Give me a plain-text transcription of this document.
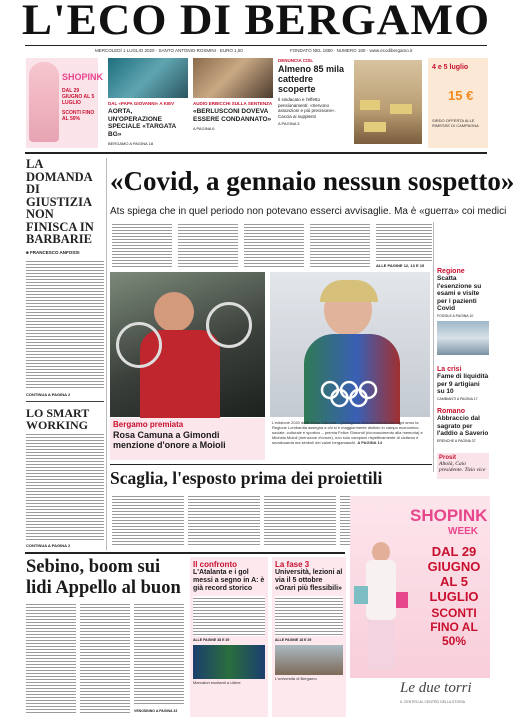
L'ECO DI BERGAMO
MERCOLEDÌ 1 LUGLIO 2020 · SANTO ANTONIO ROSMINI · EURO 1,50	FONDATO NEL 1880 · NUMERO 180 · www.ecodibergamo.it
SHOPINK
DAL 29 GIUGNO AL 5 LUGLIO
SCONTI FINO AL 50%
DAL «PAPA GIOVANNI» A KIEV
AORTA, UN'OPERAZIONE SPECIALE «TARGATA BG»
BERGAMO A PAGINA 18
AUDIO ERBICCHI SULLA SENTENZA
«BERLUSCONI DOVEVA ESSERE CONDANNATO»
A PAGINA 6
DENUNCIA CISL
Almeno 85 mila cattedre scoperte
Il sindacato e l'effetto pensionamenti: «Servono assunzioni e più precisione». Caccia ai supplenti
A PAGINA 3
4 e 5 luglio
15 €
SIRDO OFFERTA ALLE RIMESSE DI CAMPAGNA
LA DOMANDA DI GIUSTIZIA NON FINISCA IN BARBARIE
■ FRANCESCO ANFOSSI
CONTINUA A PAGINA 2
LO SMART WORKING
CONTINUA A PAGINA 2
«Covid, a gennaio nessun sospetto»
Ats spiega che in quel periodo non potevano esserci avvisaglie. Ma è «guerra» coi medici
ALLE PAGINE 12, 13 E 15
Bergamo premiata
Rosa Camuna a Gimondi menzione d'onore a Moioli
L'edizione 2020 della Rosa Camuna – prestigioso riconoscimento che ogni anno la Regione Lombardia assegna a chi si è maggiormente distinto in campo economico, sociale, culturale e sportivo – premia Felice Gimondi (riconoscimento alla memoria) e Michela Moioli (menzione d'onore), non solo campioni rispettivamente di ciclismo e snowboarda ma simboli dei valori bergamaschi. A PAGINA 14
Regione
Scatta l'esenzione su esami e visite per i pazienti Covid
FOSSILE A PAGINA 10
La crisi
Fame di liquidità per 9 artigiani su 10
CAMBIANTI A PAGINA 17
Romano
Abbraccio dal sagrato per l'addio a Saverio
ERENCHE A PAGINA 37
Prosit
Altolà, Caio presidente. Tizio vice
Scaglia, l'esposto prima dei proiettili
SHOPINK
WEEK
DAL 29 GIUGNO AL 5 LUGLIO
SCONTI FINO AL 50%
Le due torri
IL CENTRO AL CENTRO DELLA STORIA
Sebino, boom sui lidi Appello al buon
VENOSINNO A PAGINA 33
Il confronto
L'Atalanta e i gol messi a segno in A: è già record storico
ALLE PAGINE 38 E 39
Marcatori esultanti a Udine
La fase 3
Università, lezioni al via il 5 ottobre «Orari più flessibili»
ALLE PAGINE 18 E 29
L'università di Bergamo
